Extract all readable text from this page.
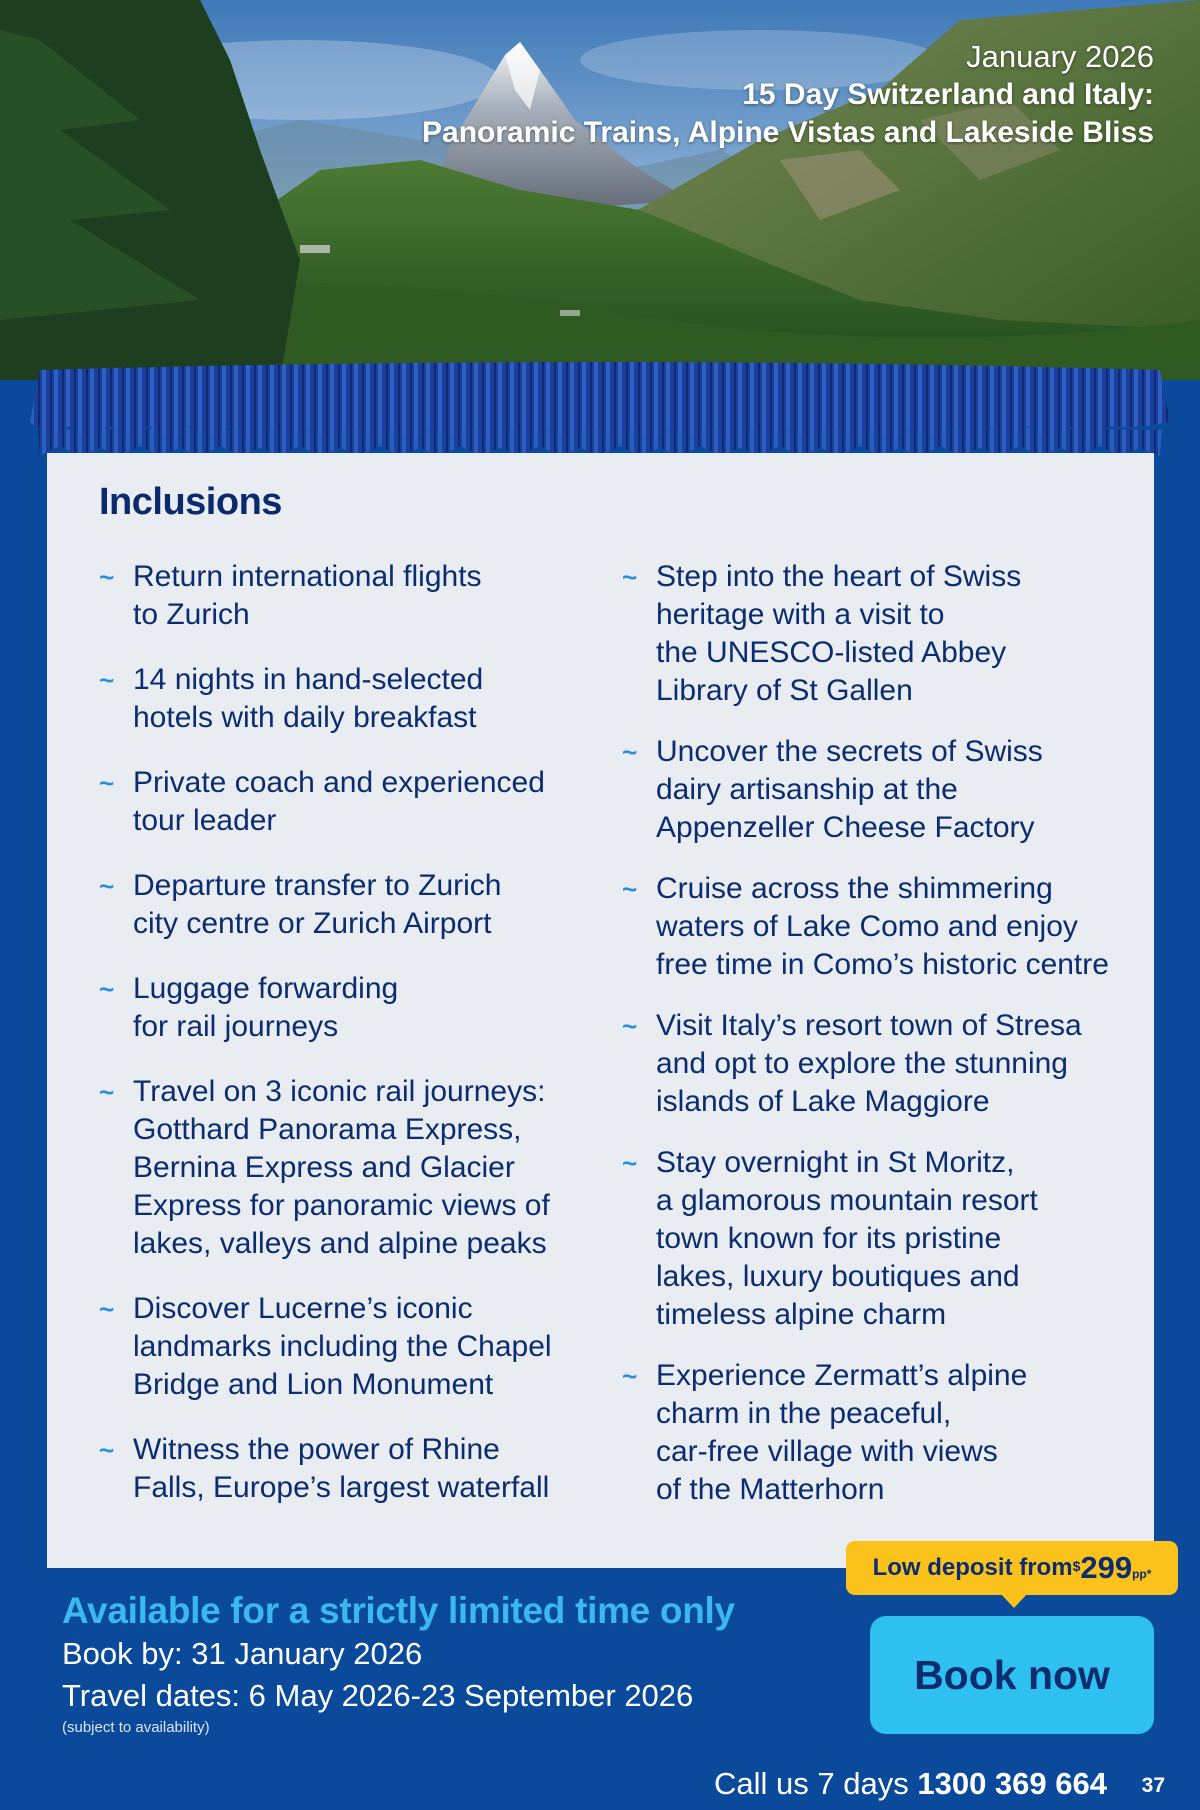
January 2026
15 Day Switzerland and Italy:
Panoramic Trains, Alpine Vistas and Lakeside Bliss
Inclusions
~ Return international flights
to Zurich
~ 14 nights in hand-selected
hotels with daily breakfast
~ Private coach and experienced
tour leader
~ Departure transfer to Zurich
city centre or Zurich Airport
~ Luggage forwarding
for rail journeys
~ Travel on 3 iconic rail journeys:
Gotthard Panorama Express,
Bernina Express and Glacier
Express for panoramic views of
lakes, valleys and alpine peaks
~ Discover Lucerne’s iconic
landmarks including the Chapel
Bridge and Lion Monument
~ Witness the power of Rhine
Falls, Europe’s largest waterfall
~ Step into the heart of Swiss
heritage with a visit to
the UNESCO-listed Abbey
Library of St Gallen
~ Uncover the secrets of Swiss
dairy artisanship at the
Appenzeller Cheese Factory
~ Cruise across the shimmering
waters of Lake Como and enjoy
free time in Como’s historic centre
~ Visit Italy’s resort town of Stresa
and opt to explore the stunning
islands of Lake Maggiore
~ Stay overnight in St Moritz,
a glamorous mountain resort
town known for its pristine
lakes, luxury boutiques and
timeless alpine charm
~ Experience Zermatt’s alpine
charm in the peaceful,
car-free village with views
of the Matterhorn
Available for a strictly limited time only
Book by: 31 January 2026
Travel dates: 6 May 2026-23 September 2026
(subject to availability)
Low deposit from $ 299 pp*
Book now
Call us 7 days 1300 369 664 37
